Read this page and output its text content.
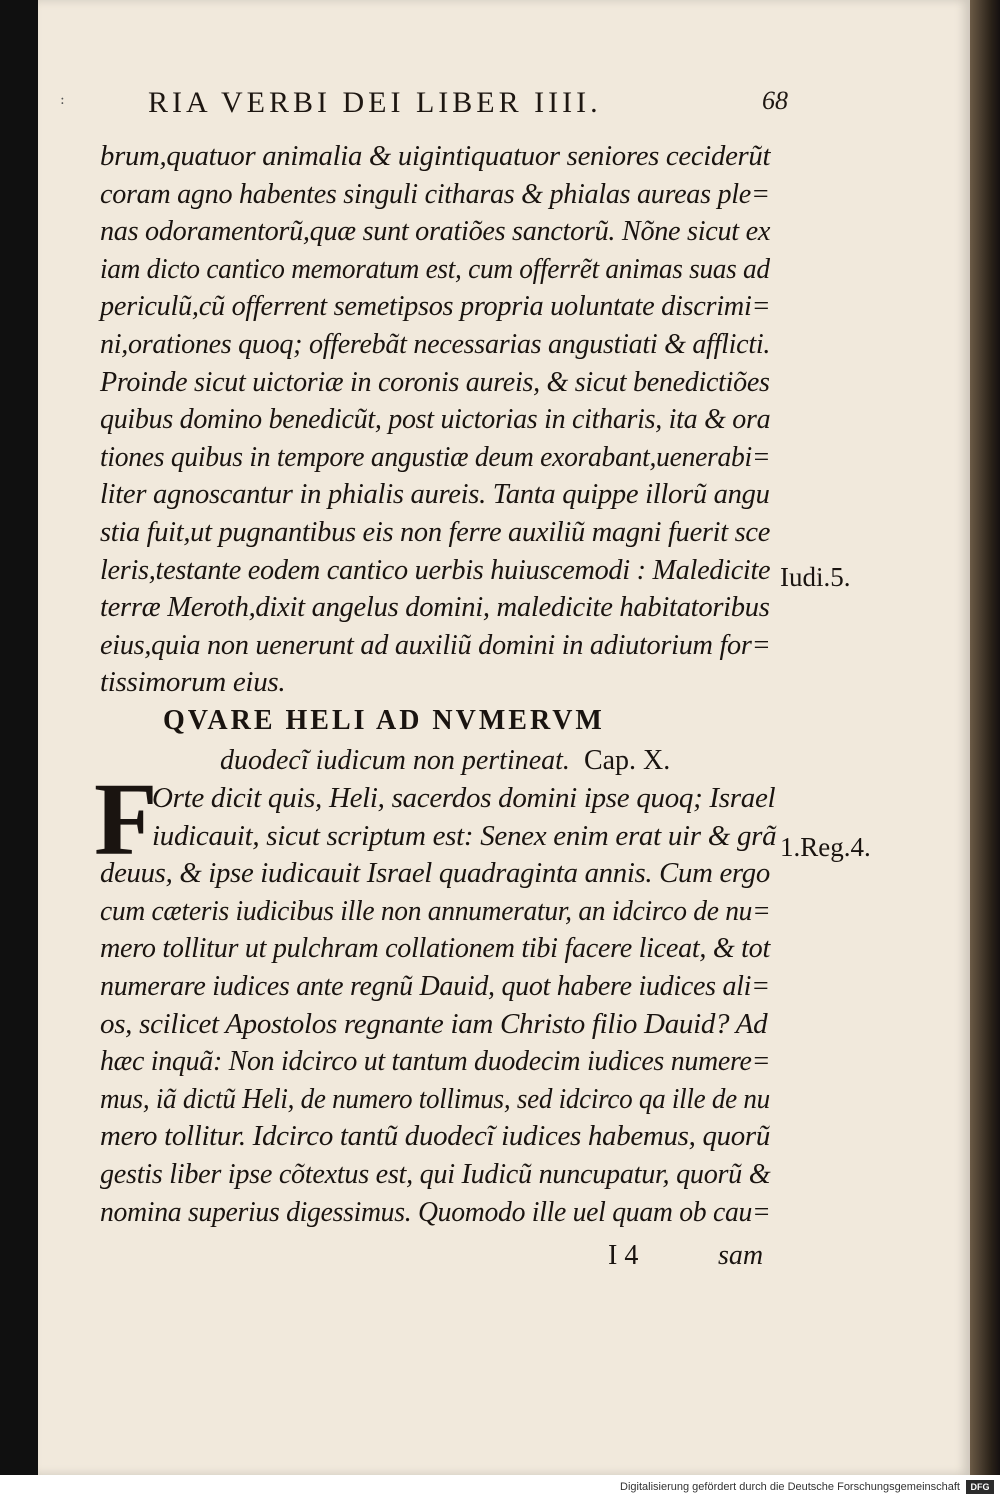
:	RIA VERBI DEI LIBER IIII.	68
brum,quatuor animalia & uigintiquatuor seniores ceciderũt
coram agno habentes singuli citharas & phialas aureas ple=
nas odoramentorũ,quæ sunt oratiões sanctorũ. Nõne sicut ex
iam dicto cantico memoratum est, cum offerrẽt animas suas ad
periculũ,cũ offerrent semetipsos propria uoluntate discrimi=
ni,orationes quoq; offerebãt necessarias angustiati & afflicti.
Proinde sicut uictoriæ in coronis aureis, & sicut benedictiões
quibus domino benedicũt, post uictorias in citharis, ita & ora
tiones quibus in tempore angustiæ deum exorabant,uenerabi=
liter agnoscantur in phialis aureis. Tanta quippe illorũ angu
stia fuit,ut pugnantibus eis non ferre auxiliũ magni fuerit sce
leris,testante eodem cantico uerbis huiuscemodi : Maledicite
terræ Meroth,dixit angelus domini, maledicite habitatoribus
eius,quia non uenerunt ad auxiliũ domini in adiutorium for=
tissimorum eius.
QVARE HELI AD NVMERVM
duodecĩ iudicum non pertineat. Cap. X.
F
Orte dicit quis, Heli, sacerdos domini ipse quoq; Israel
iudicauit, sicut scriptum est: Senex enim erat uir & grã
deuus, & ipse iudicauit Israel quadraginta annis. Cum ergo
cum cæteris iudicibus ille non annumeratur, an idcirco de nu=
mero tollitur ut pulchram collationem tibi facere liceat, & tot
numerare iudices ante regnũ Dauid, quot habere iudices ali=
os, scilicet Apostolos regnante iam Christo filio Dauid? Ad
hæc inquã: Non idcirco ut tantum duodecim iudices numere=
mus, iã dictũ Heli, de numero tollimus, sed idcirco qa ille de nu
mero tollitur. Idcirco tantũ duodecĩ iudices habemus, quorũ
gestis liber ipse cõtextus est, qui Iudicũ nuncupatur, quorũ &
nomina superius digessimus. Quomodo ille uel quam ob cau=
Iudi.5.
1.Reg.4.
I 4	sam
Digitalisierung gefördert durch die Deutsche Forschungsgemeinschaft	DFG
